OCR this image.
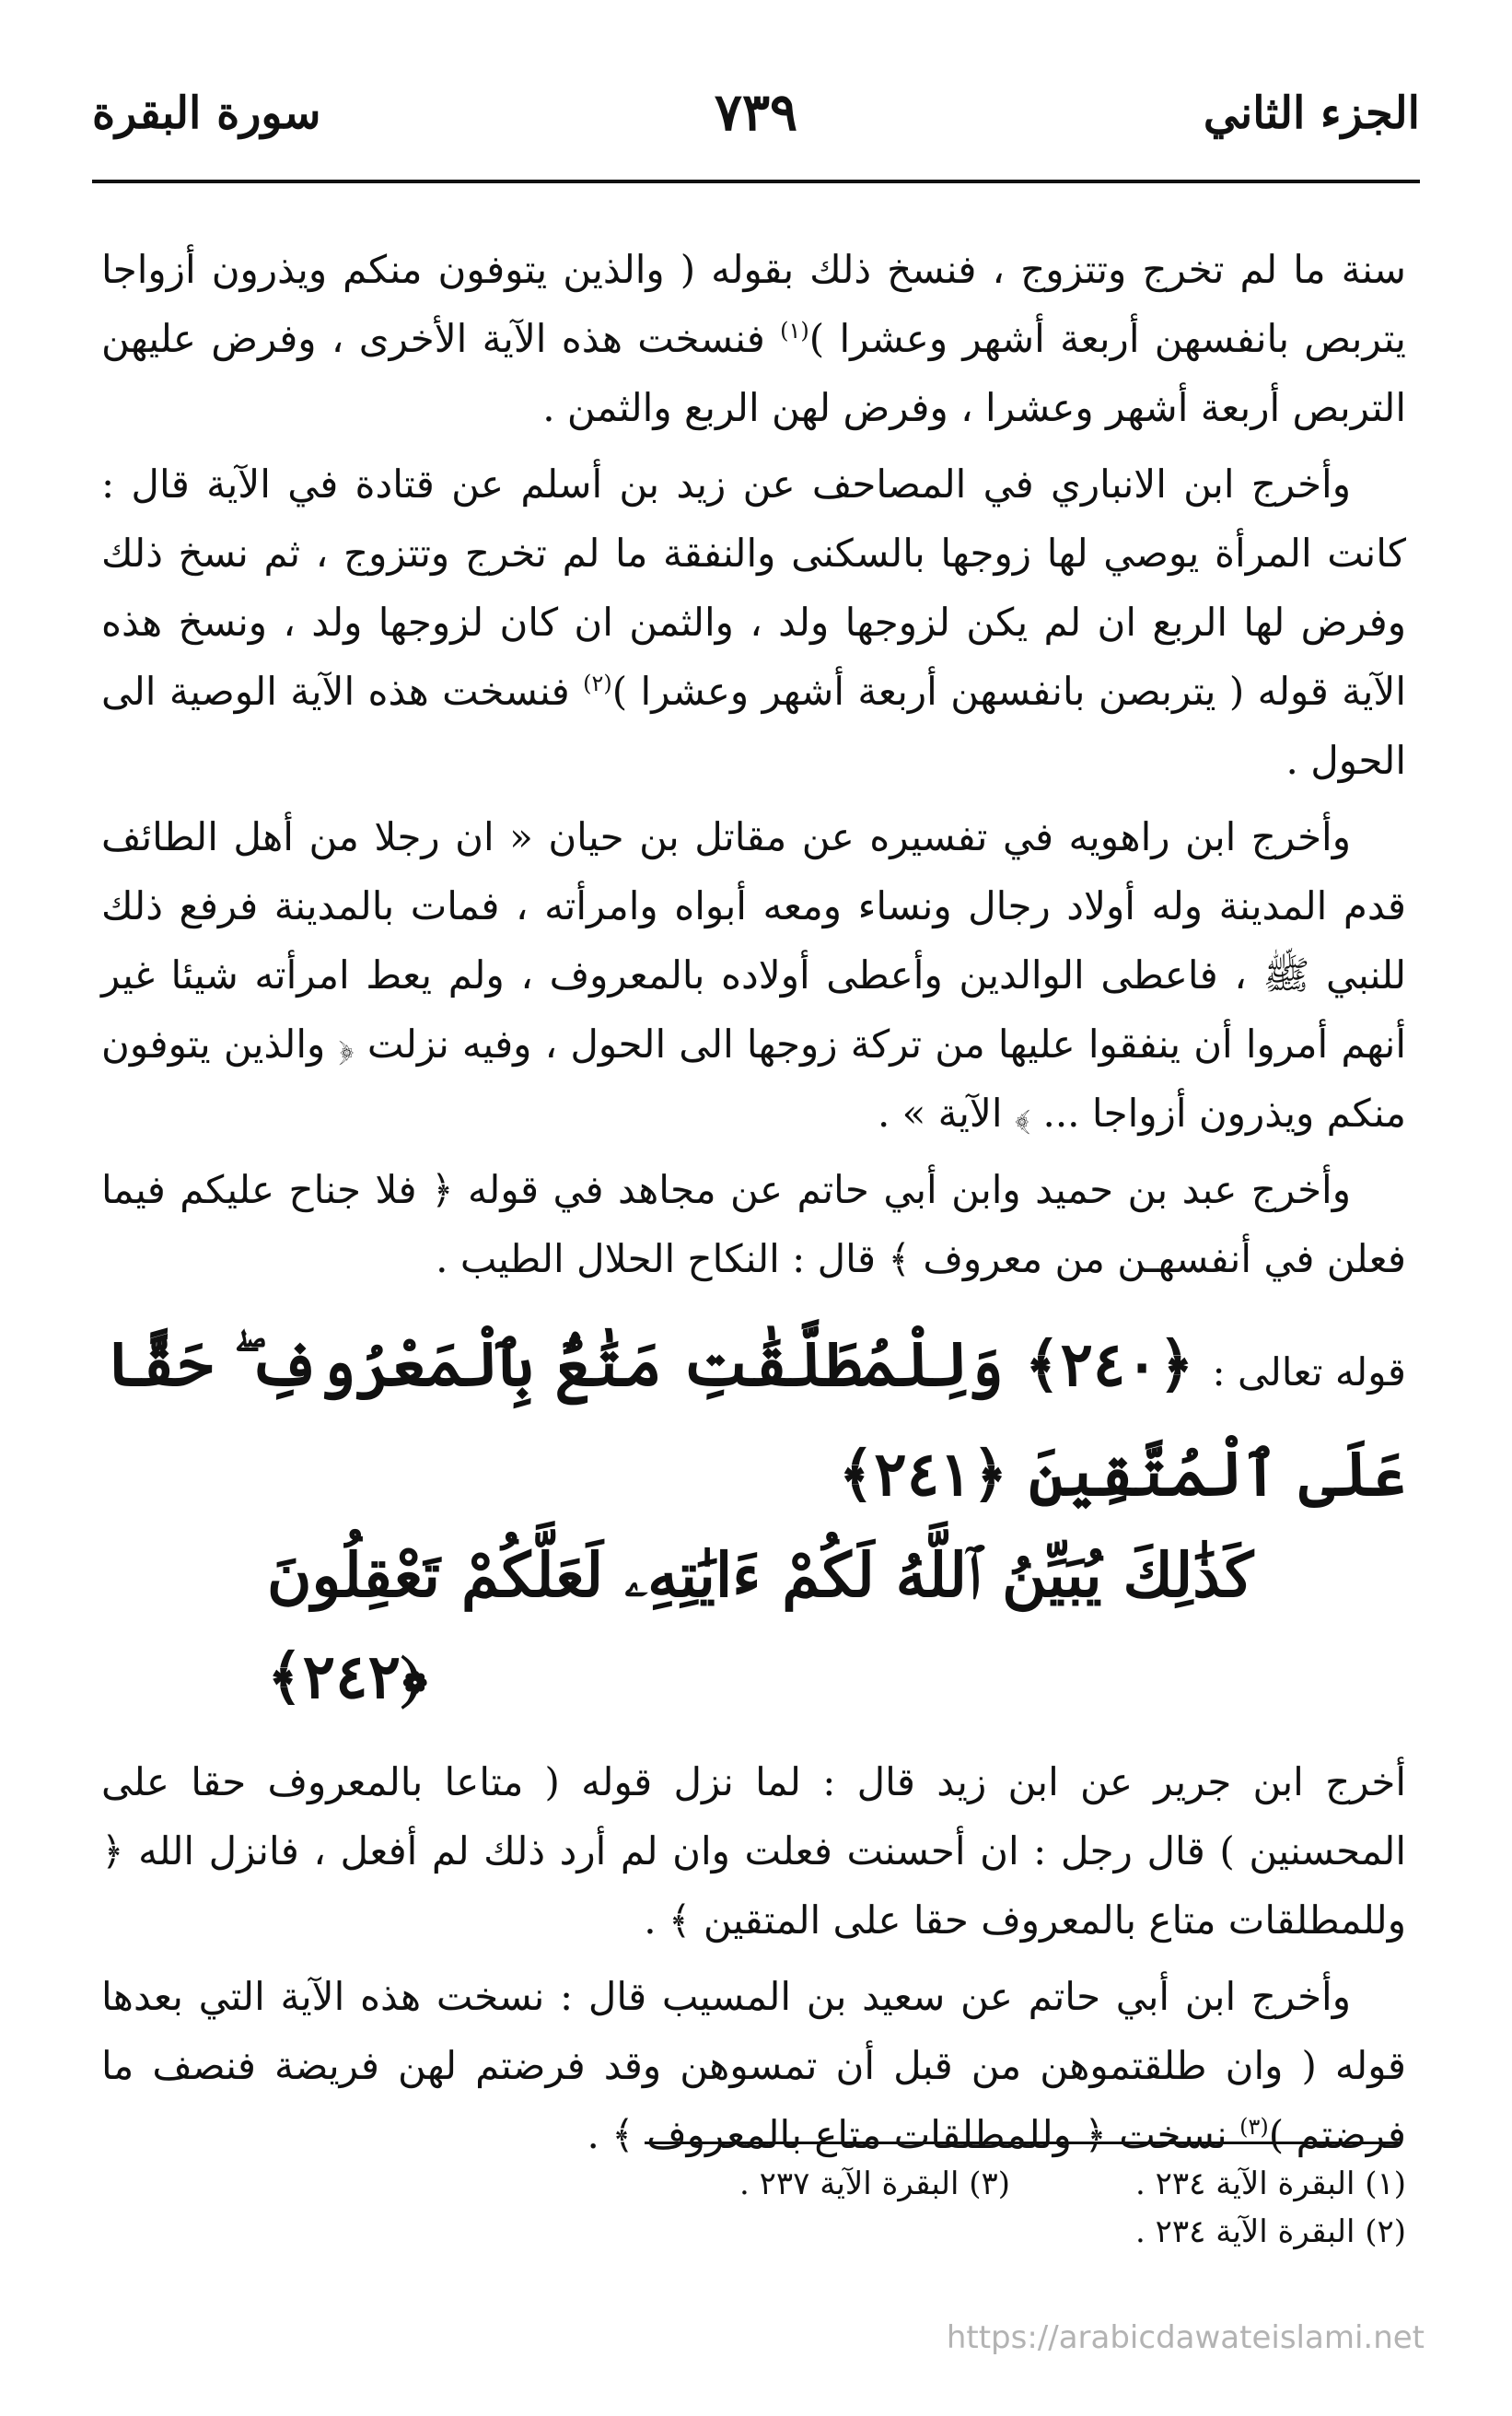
الجزء الثاني
٧٣٩
سورة البقرة

سنة ما لم تخرج وتتزوج ، فنسخ ذلك بقوله ( والذين يتوفون منكم ويذرون أزواجا يتربص بانفسهن أربعة أشهر وعشرا )$^{(١)}$ فنسخت هذه الآية الأخرى ، وفرض عليهن التربص أربعة أشهر وعشرا ، وفرض لهن الربع والثمن .

وأخرج ابن الانباري في المصاحف عن زيد بن أسلم عن قتادة في الآية قال : كانت المرأة يوصي لها زوجها بالسكنى والنفقة ما لم تخرج وتتزوج ، ثم نسخ ذلك وفرض لها الربع ان لم يكن لزوجها ولد ، والثمن ان كان لزوجها ولد ، ونسخ هذه الآية قوله ( يتربصن بانفسهن أربعة أشهر وعشرا )$^{(٢)}$ فنسخت هذه الآية الوصية الى الحول .

وأخرج ابن راهويه في تفسيره عن مقاتل بن حيان « ان رجلا من أهل الطائف قدم المدينة وله أولاد رجال ونساء ومعه أبواه وامرأته ، فمات بالمدينة فرفع ذلك للنبي ﷺ ، فاعطى الوالدين وأعطى أولاده بالمعروف ، ولم يعط امرأته شيئا غير أنهم أمروا أن ينفقوا عليها من تركة زوجها الى الحول ، وفيه نزلت ﴿ والذين يتوفون منكم ويذرون أزواجا ... ﴾ الآية » .

وأخرج عبد بن حميد وابن أبي حاتم عن مجاهد في قوله ﴿ فلا جناح عليكم فيما فعلن في أنفسهـن من معروف ﴾ قال : النكاح الحلال الطيب .

قوله تعالى :﴿٢٤٠﴾ وَلِلْمُطَلَّقَٰتِ مَتَٰعٌۢ بِٱلْمَعْرُوفِ ۖ حَقًّا عَلَى ٱلْمُتَّقِينَ ﴿٢٤١﴾
كَذَٰلِكَ يُبَيِّنُ ٱللَّهُ لَكُمْ ءَايَٰتِهِۦ لَعَلَّكُمْ تَعْقِلُونَ ﴿٢٤٢﴾

أخرج ابن جرير عن ابن زيد قال : لما نزل قوله ( متاعا بالمعروف حقا على المحسنين ) قال رجل : ان أحسنت فعلت وان لم أرد ذلك لم أفعل ، فانزل الله ﴿ وللمطلقات متاع بالمعروف حقا على المتقين ﴾ .

وأخرج ابن أبي حاتم عن سعيد بن المسيب قال : نسخت هذه الآية التي بعدها قوله ( وان طلقتموهن من قبل أن تمسوهن وقد فرضتم لهن فريضة فنصف ما فرضتم )$^{(٣)}$ نسخت ﴿ وللمطلقات متاع بالمعروف ﴾ .

(١) البقرة الآية ٢٣٤ .
(٣) البقرة الآية ٢٣٧ .
(٢) البقرة الآية ٢٣٤ .
https://arabicdawateislami.net
